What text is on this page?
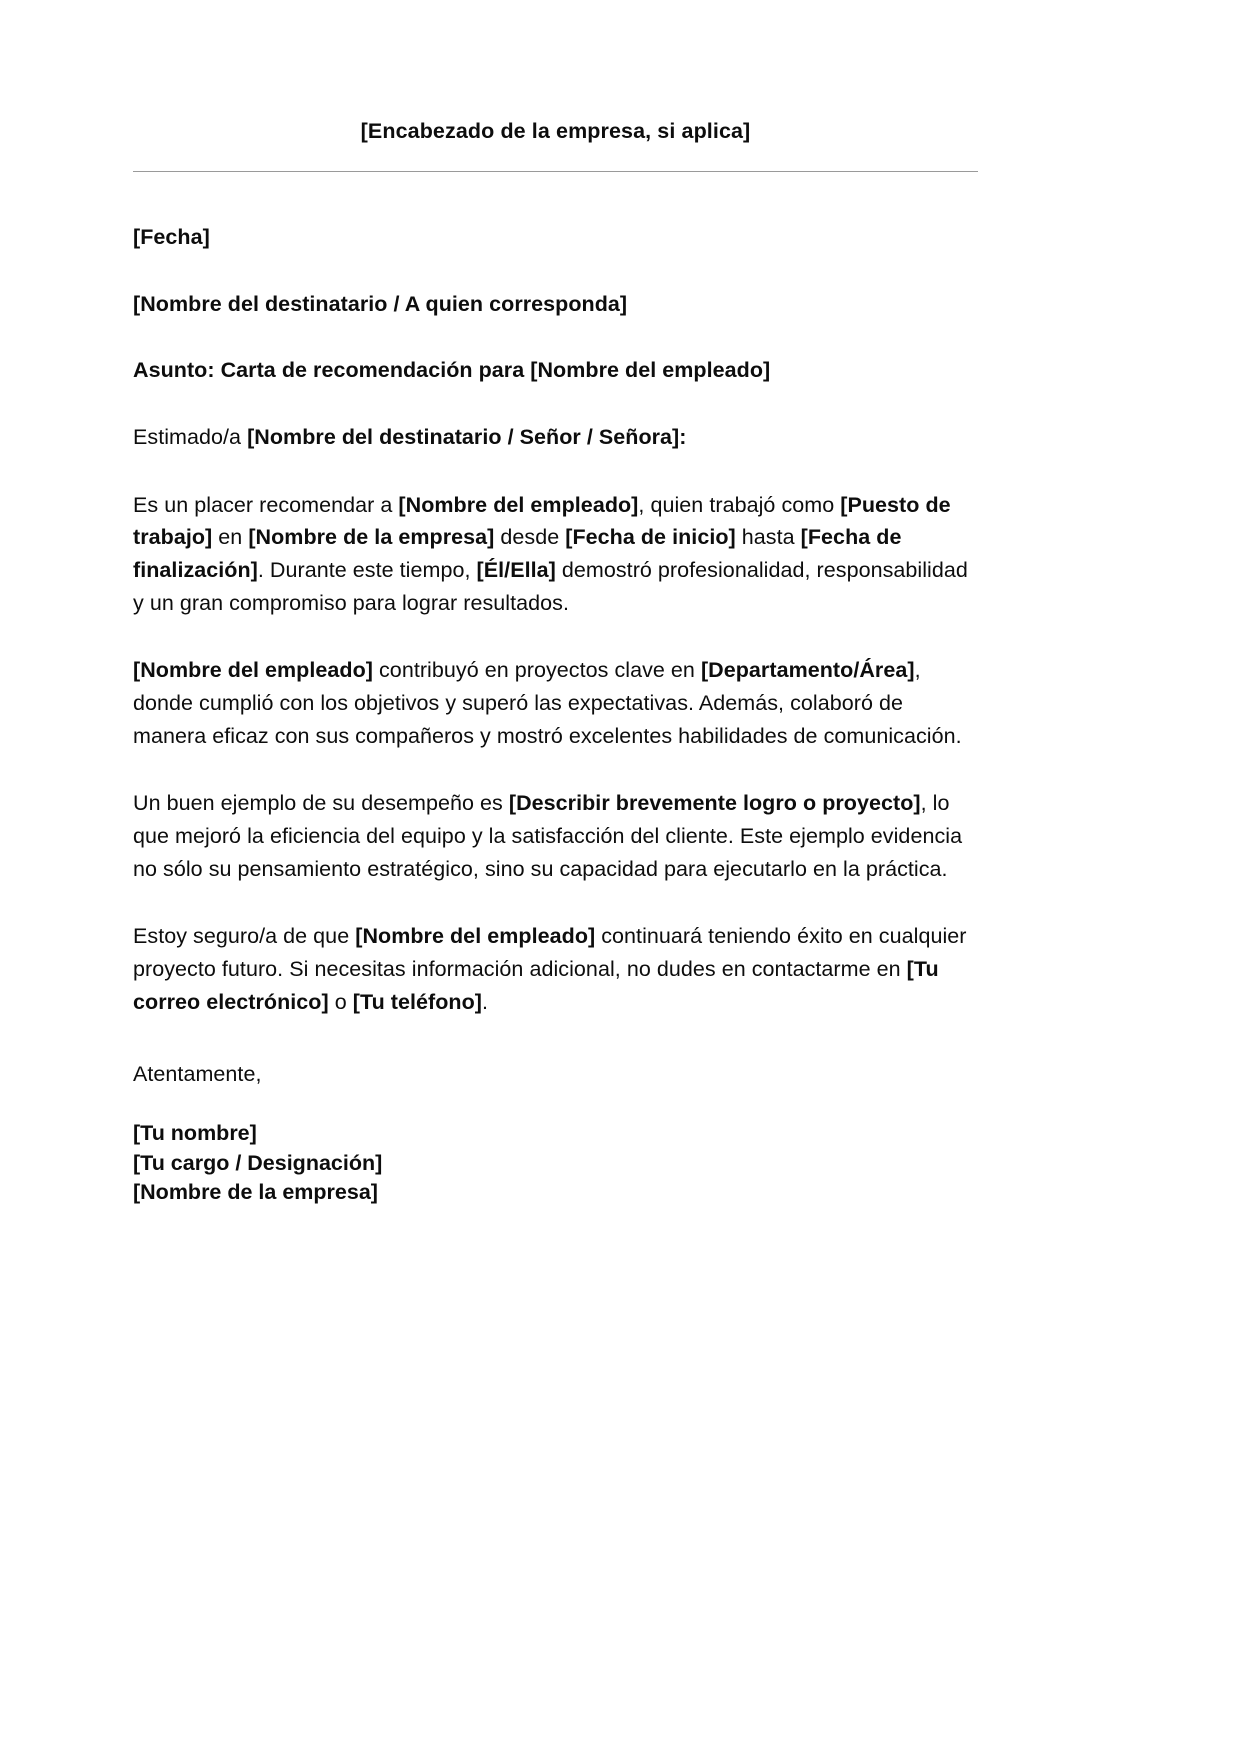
[Encabezado de la empresa, si aplica]
[Fecha]
[Nombre del destinatario / A quien corresponda]
Asunto: Carta de recomendación para [Nombre del empleado]
Estimado/a [Nombre del destinatario / Señor / Señora]:
Es un placer recomendar a [Nombre del empleado], quien trabajó como [Puesto de trabajo] en [Nombre de la empresa] desde [Fecha de inicio] hasta [Fecha de finalización]. Durante este tiempo, [Él/Ella] demostró profesionalidad, responsabilidad y un gran compromiso para lograr resultados.
[Nombre del empleado] contribuyó en proyectos clave en [Departamento/Área], donde cumplió con los objetivos y superó las expectativas. Además, colaboró de manera eficaz con sus compañeros y mostró excelentes habilidades de comunicación.
Un buen ejemplo de su desempeño es [Describir brevemente logro o proyecto], lo que mejoró la eficiencia del equipo y la satisfacción del cliente. Este ejemplo evidencia no sólo su pensamiento estratégico, sino su capacidad para ejecutarlo en la práctica.
Estoy seguro/a de que [Nombre del empleado] continuará teniendo éxito en cualquier proyecto futuro. Si necesitas información adicional, no dudes en contactarme en [Tu correo electrónico] o [Tu teléfono].
Atentamente,
[Tu nombre]
[Tu cargo / Designación]
[Nombre de la empresa]
